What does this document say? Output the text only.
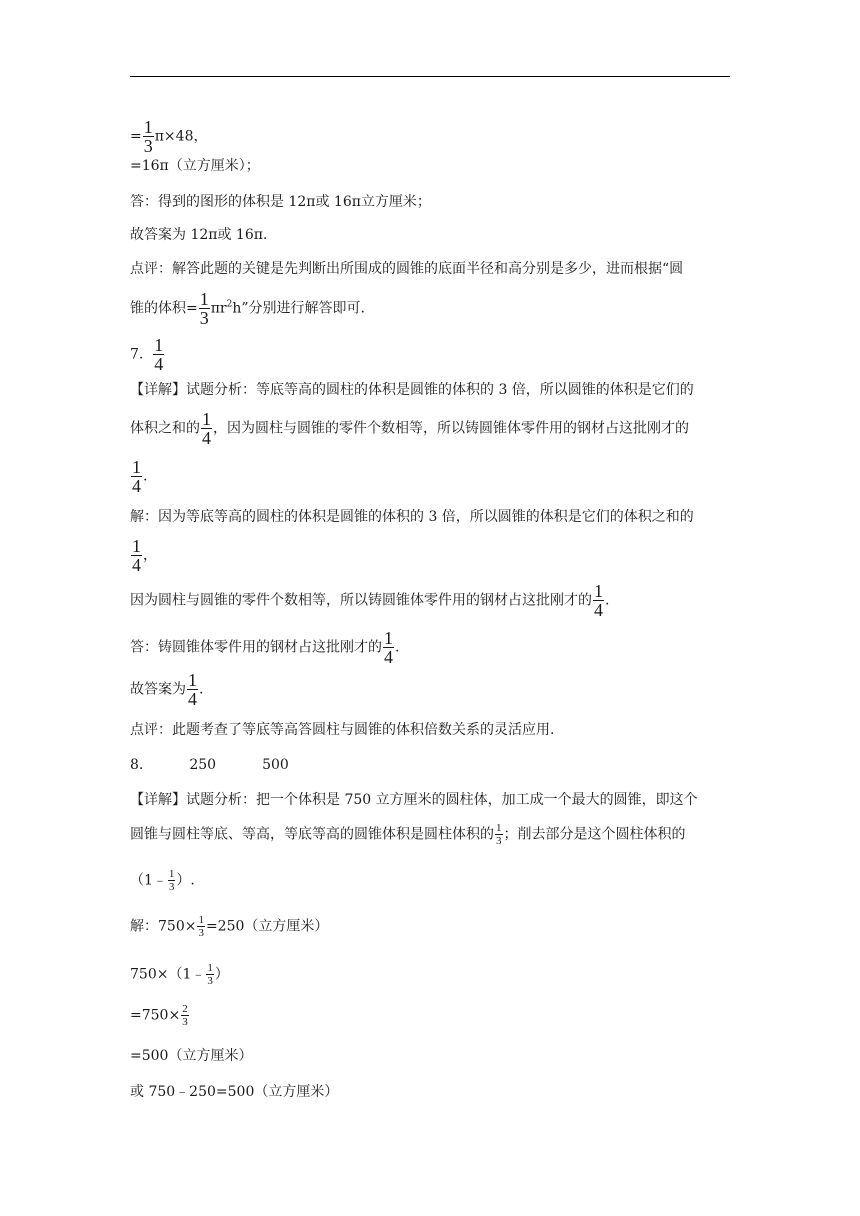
= $\frac{1}{3} \pi\times 48$，
=16π（立方厘米）；
答：得到的图形的体积是 12π或 16π立方厘米；
故答案为 12π或 16π.
点评：解答此题的关键是先判断出所围成的圆锥的底面半径和高分别是多少，进而根据“圆
锥的体积= $\frac{1}{3} \pi r^2h$”分别进行解答即可.
7. $\frac{1}{4}$
【详解】试题分析：等底等高的圆柱的体积是圆锥的体积的 3 倍，所以圆锥的体积是它们的
体积之和的 $\frac{1}{4}$ ，因为圆柱与圆锥的零件个数相等，所以铸圆锥体零件用的钢材占这批刚才的
$\frac{1}{4}$ .
解：因为等底等高的圆柱的体积是圆锥的体积的 3 倍，所以圆锥的体积是它们的体积之和的
$\frac{1}{4}$ ，
因为圆柱与圆锥的零件个数相等，所以铸圆锥体零件用的钢材占这批刚才的 $\frac{1}{4}$ .
答：铸圆锥体零件用的钢材占这批刚才的 $\frac{1}{4}$ .
故答案为 $\frac{1}{4}$ .
点评：此题考查了等底等高答圆柱与圆锥的体积倍数关系的灵活应用.
8.	250	500
【详解】试题分析：把一个体积是 750 立方厘米的圆柱体，加工成一个最大的圆锥，即这个
圆锥与圆柱等底、等高，等底等高的圆锥体积是圆柱体积的 $\frac{1}{3}$ ；削去部分是这个圆柱体积的
（1﹣ $\frac{1}{3}$ ）.
解：$750\times \frac{1}{3} =250$（立方厘米）
750×（1﹣ $\frac{1}{3}$ ）
$=750\times \frac{2}{3}$
=500（立方厘米）
或 750﹣250=500（立方厘米）
